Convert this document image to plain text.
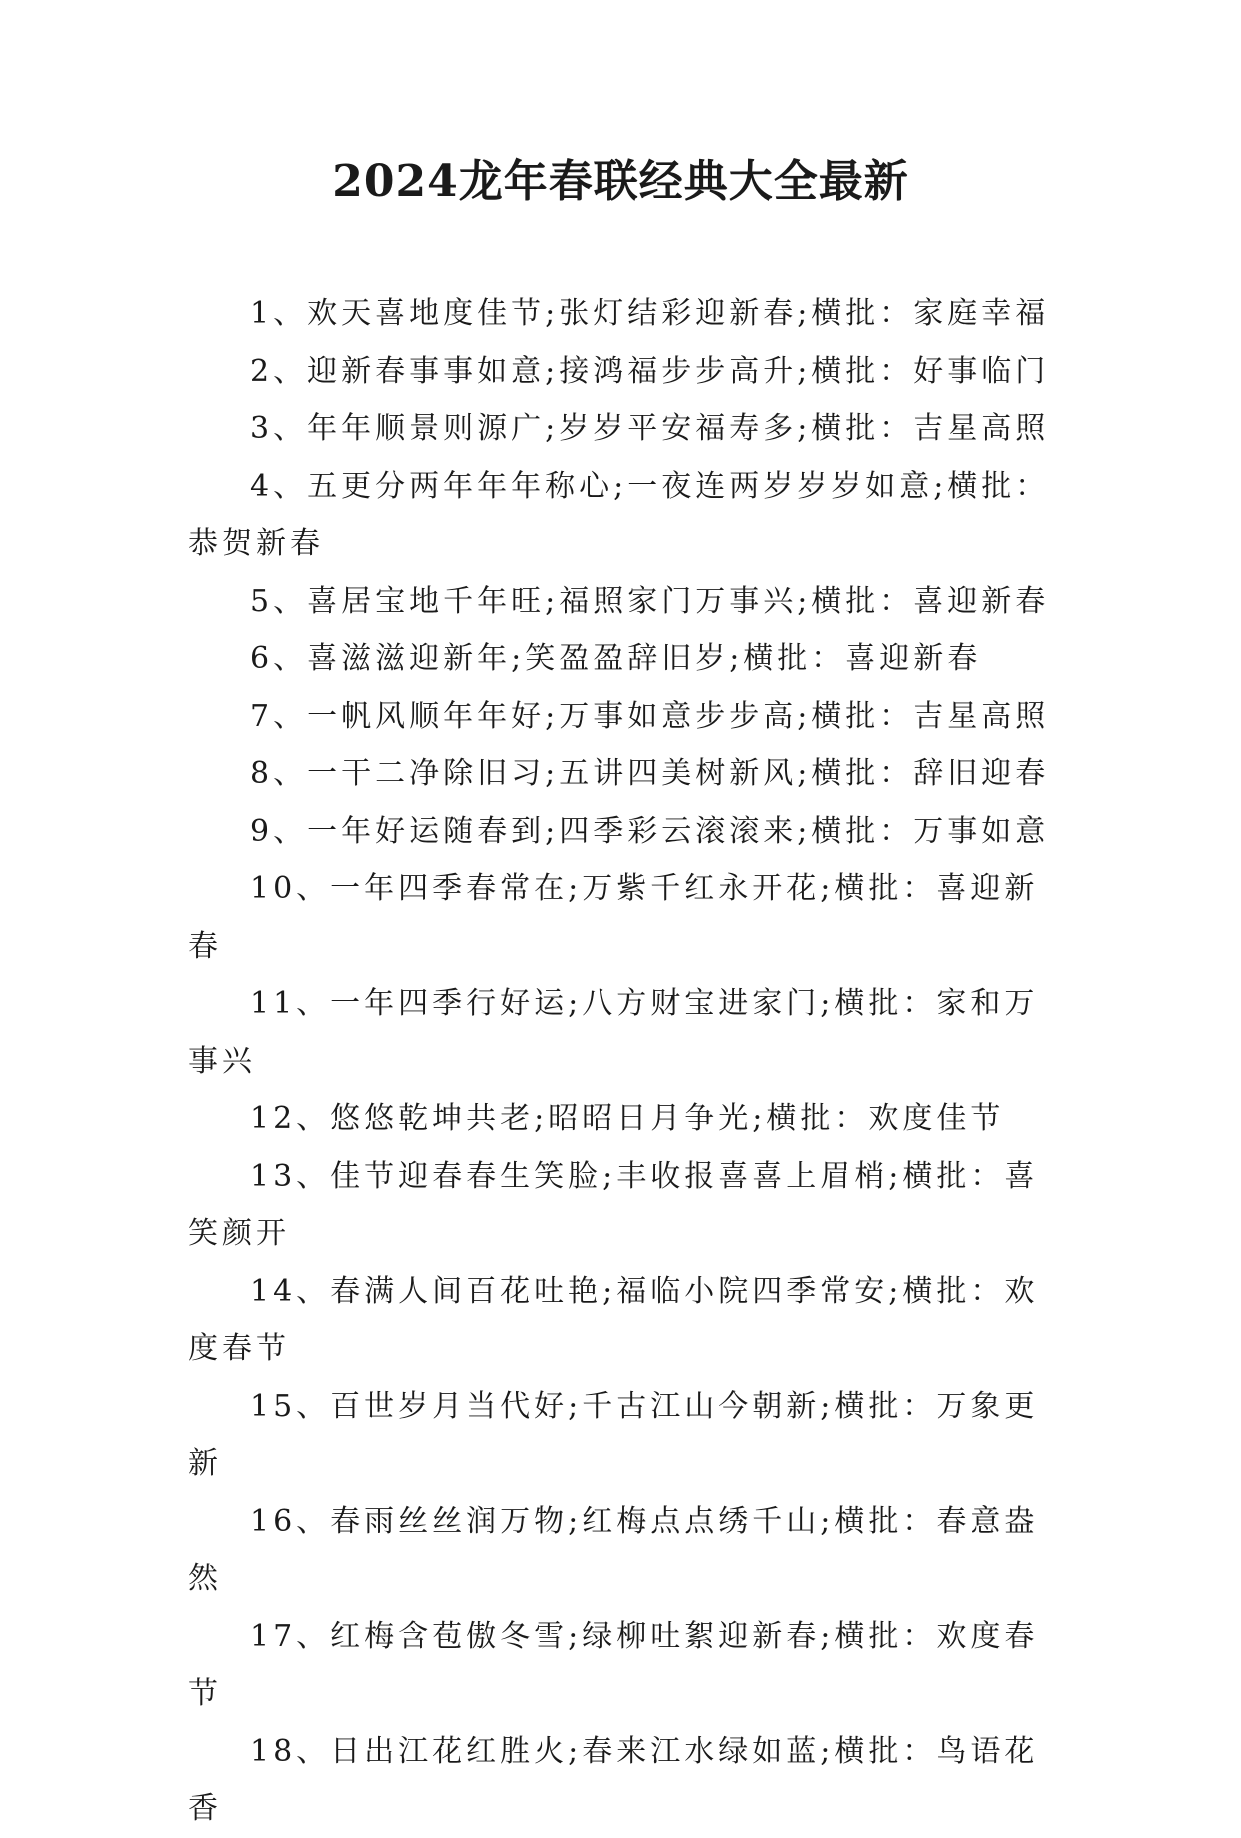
2024龙年春联经典大全最新

1、欢天喜地度佳节;张灯结彩迎新春;横批：家庭幸福

2、迎新春事事如意;接鸿福步步高升;横批：好事临门

3、年年顺景则源广;岁岁平安福寿多;横批：吉星高照

4、五更分两年年年称心;一夜连两岁岁岁如意;横批：恭贺新春

5、喜居宝地千年旺;福照家门万事兴;横批：喜迎新春

6、喜滋滋迎新年;笑盈盈辞旧岁;横批：喜迎新春

7、一帆风顺年年好;万事如意步步高;横批：吉星高照

8、一干二净除旧习;五讲四美树新风;横批：辞旧迎春

9、一年好运随春到;四季彩云滚滚来;横批：万事如意

10、一年四季春常在;万紫千红永开花;横批：喜迎新春

11、一年四季行好运;八方财宝进家门;横批：家和万事兴

12、悠悠乾坤共老;昭昭日月争光;横批：欢度佳节

13、佳节迎春春生笑脸;丰收报喜喜上眉梢;横批：喜笑颜开

14、春满人间百花吐艳;福临小院四季常安;横批：欢度春节

15、百世岁月当代好;千古江山今朝新;横批：万象更新

16、春雨丝丝润万物;红梅点点绣千山;横批：春意盎然

17、红梅含苞傲冬雪;绿柳吐絮迎新春;横批：欢度春节

18、日出江花红胜火;春来江水绿如蓝;横批：鸟语花香
